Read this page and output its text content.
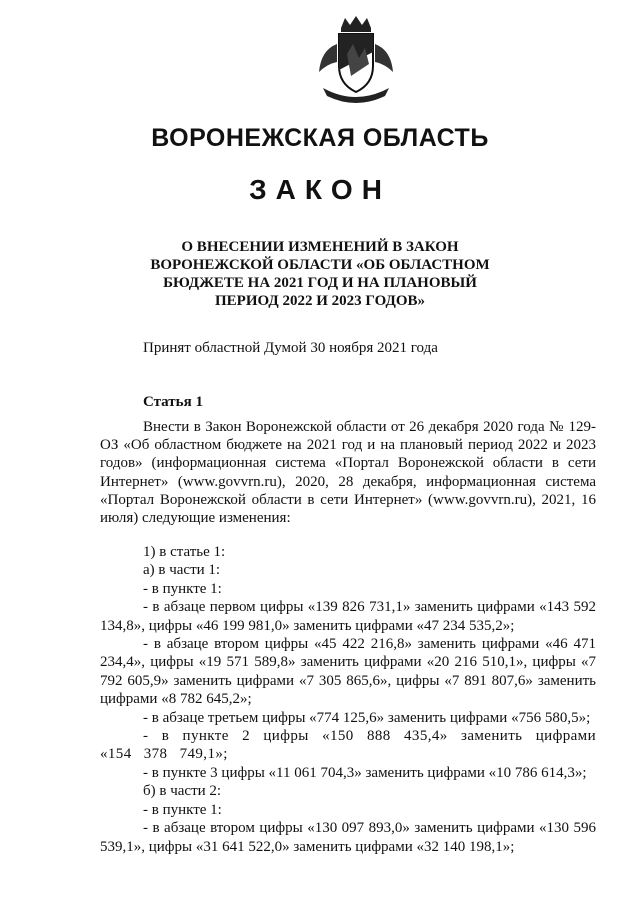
ВОРОНЕЖСКАЯ ОБЛАСТЬ
ЗАКОН
О ВНЕСЕНИИ ИЗМЕНЕНИЙ В ЗАКОН
ВОРОНЕЖСКОЙ ОБЛАСТИ «ОБ ОБЛАСТНОМ
БЮДЖЕТЕ НА 2021 ГОД И НА ПЛАНОВЫЙ
ПЕРИОД 2022 И 2023 ГОДОВ»
Принят областной Думой 30 ноября 2021 года
Статья 1

Внести в Закон Воронежской области от 26 декабря 2020 года № 129-ОЗ «Об областном бюджете на 2021 год и на плановый период 2022 и 2023 годов» (информационная система «Портал Воронежской области в сети Интернет» (www.govvrn.ru), 2020, 28 декабря, информационная система «Портал Воронежской области в сети Интернет» (www.govvrn.ru), 2021, 16 июля) следующие изменения:

1) в статье 1:

а) в части 1:

- в пункте 1:

- в абзаце первом цифры «139 826 731,1» заменить цифрами «143 592 134,8», цифры «46 199 981,0» заменить цифрами «47 234 535,2»;

- в абзаце втором цифры «45 422 216,8» заменить цифрами «46 471 234,4», цифры «19 571 589,8» заменить цифрами «20 216 510,1», цифры «7 792 605,9» заменить цифрами «7 305 865,6», цифры «7 891 807,6» заменить цифрами «8 782 645,2»;

- в абзаце третьем цифры «774 125,6» заменить цифрами «756 580,5»;

- в пункте 2 цифры «150 888 435,4» заменить цифрами «154 378 749,1»;

- в пункте 3 цифры «11 061 704,3» заменить цифрами «10 786 614,3»;

б) в части 2:

- в пункте 1:

- в абзаце втором цифры «130 097 893,0» заменить цифрами «130 596 539,1», цифры «31 641 522,0» заменить цифрами «32 140 198,1»;
